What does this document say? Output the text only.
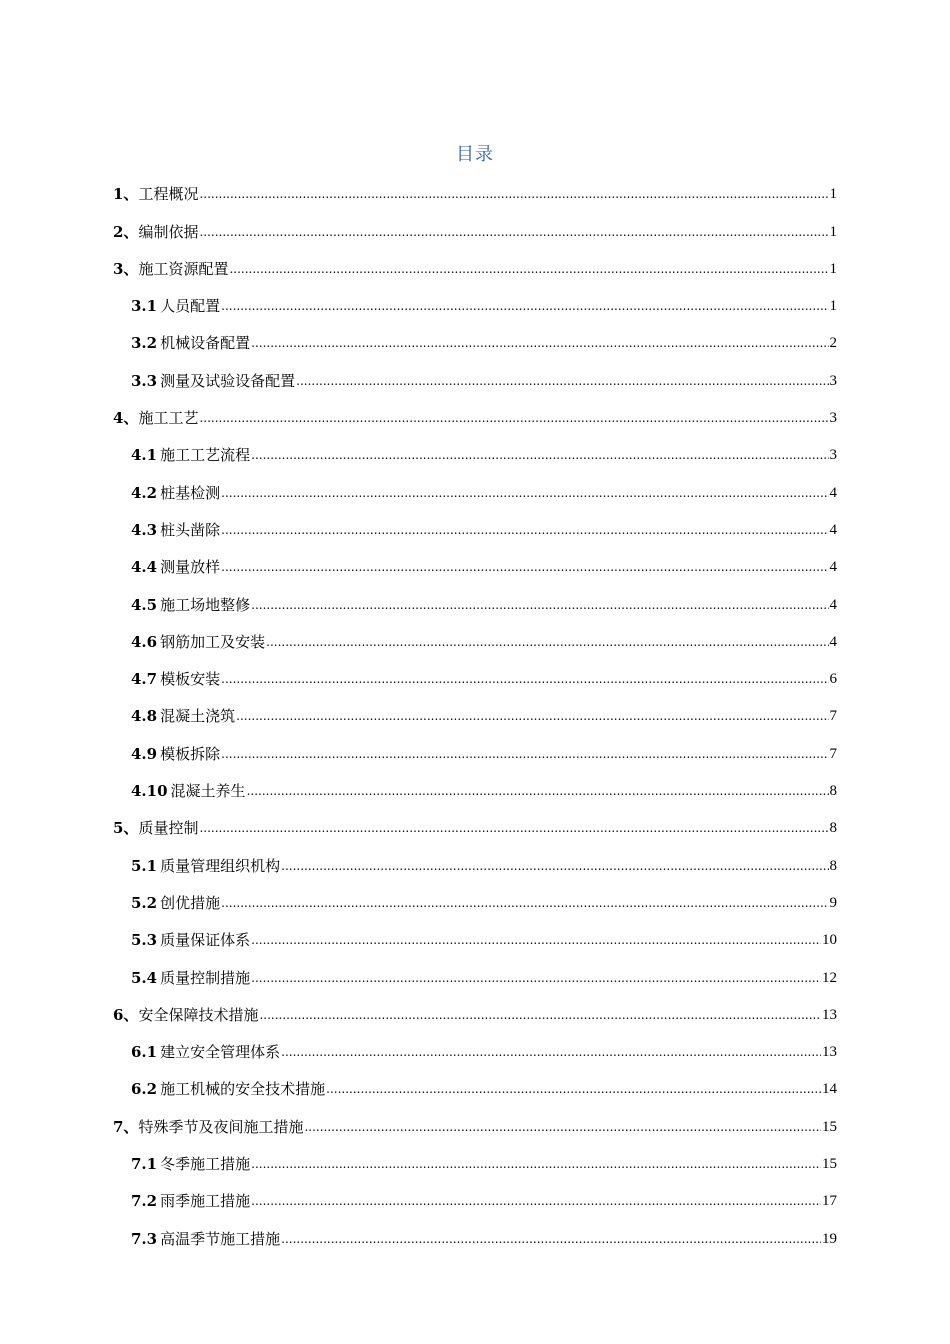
目录
1、 工程概况 .....	1
2、 编制依据 .....	1
3、 施工资源配置 .....	1
3.1 人员配置 .....	1
3.2 机械设备配置 .....	2
3.3 测量及试验设备配置 .....	3
4、 施工工艺 .....	3
4.1 施工工艺流程 .....	3
4.2 桩基检测 .....	4
4.3 桩头凿除 .....	4
4.4 测量放样 .....	4
4.5 施工场地整修 .....	4
4.6 钢筋加工及安装 .....	4
4.7 模板安装 .....	6
4.8 混凝土浇筑 .....	7
4.9 模板拆除 .....	7
4.10 混凝土养生 .....	8
5、 质量控制 .....	8
5.1 质量管理组织机构 .....	8
5.2 创优措施 .....	9
5.3 质量保证体系 .....	10
5.4 质量控制措施 .....	12
6、 安全保障技术措施 .....	13
6.1 建立安全管理体系 .....	13
6.2 施工机械的安全技术措施 .....	14
7、 特殊季节及夜间施工措施 .....	15
7.1 冬季施工措施 .....	15
7.2 雨季施工措施 .....	17
7.3 高温季节施工措施 .....	19
